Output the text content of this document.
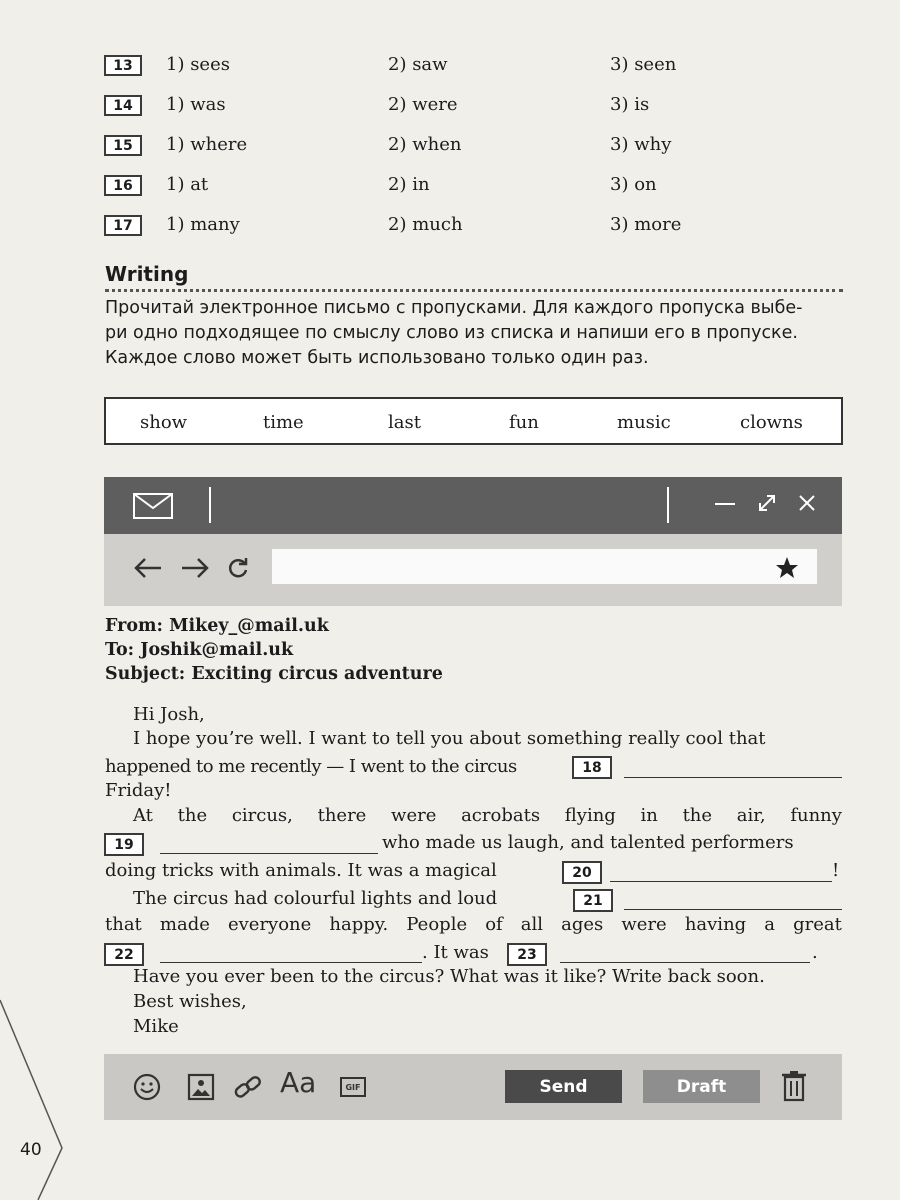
13	1) sees	2) saw	3) seen
14	1) was	2) were	3) is
15	1) where	2) when	3) why
16	1) at	2) in	3) on
17	1) many	2) much	3) more
Writing
Прочитай электронное письмо с пропусками. Для каждого пропуска выбе-
ри одно подходящее по смыслу слово из списка и напиши его в пропуске.
Каждое слово может быть использовано только один раз.
show	time	last	fun	music	clowns
From: Mikey_@mail.uk
To: Joshik@mail.uk
Subject: Exciting circus adventure
Hi Josh,
I hope you’re well. I want to tell you about something really cool that
happened to me recently — I went to the circus	18
Friday!
At the circus, there were acrobats flying in the air, funny
19	who made us laugh, and talented performers
doing tricks with animals. It was a magical	20	!
The circus had colourful lights and loud	21
that made everyone happy. People of all ages were having a great
22	. It was	23	.
Have you ever been to the circus? What was it like? Write back soon.
Best wishes,
Mike
Aa	GIF	Send	Draft
40
